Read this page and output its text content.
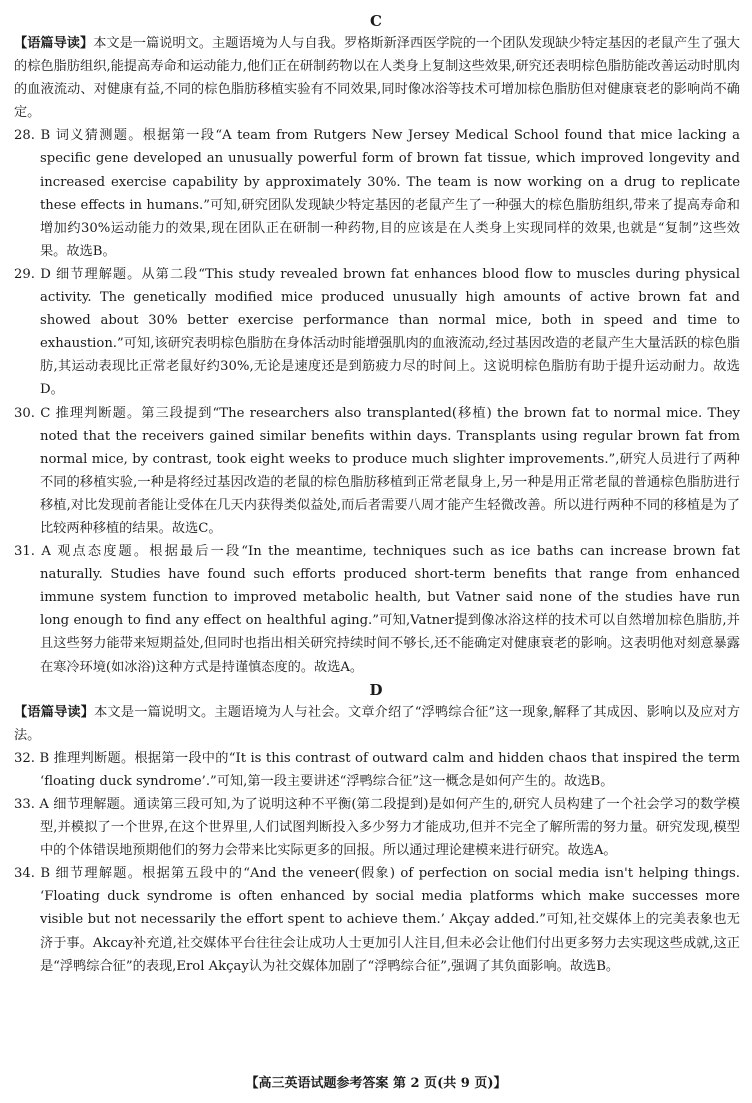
C
【语篇导读】本文是一篇说明文。主题语境为人与自我。罗格斯新泽西医学院的一个团队发现缺少特定基因的老鼠产生了强大的棕色脂肪组织,能提高寿命和运动能力,他们正在研制药物以在人类身上复制这些效果,研究还表明棕色脂肪能改善运动时肌肉的血液流动、对健康有益,不同的棕色脂肪移植实验有不同效果,同时像冰浴等技术可增加棕色脂肪但对健康衰老的影响尚不确定。
28. B 词义猜测题。根据第一段“A team from Rutgers New Jersey Medical School found that mice lacking a specific gene developed an unusually powerful form of brown fat tissue, which improved longevity and increased exercise capability by approximately 30%. The team is now working on a drug to replicate these effects in humans.”可知,研究团队发现缺少特定基因的老鼠产生了一种强大的棕色脂肪组织,带来了提高寿命和增加约30%运动能力的效果,现在团队正在研制一种药物,目的应该是在人类身上实现同样的效果,也就是“复制”这些效果。故选B。
29. D 细节理解题。从第二段“This study revealed brown fat enhances blood flow to muscles during physical activity. The genetically modified mice produced unusually high amounts of active brown fat and showed about 30% better exercise performance than normal mice, both in speed and time to exhaustion.”可知,该研究表明棕色脂肪在身体活动时能增强肌肉的血液流动,经过基因改造的老鼠产生大量活跃的棕色脂肪,其运动表现比正常老鼠好约30%,无论是速度还是到筋疲力尽的时间上。这说明棕色脂肪有助于提升运动耐力。故选D。
30. C 推理判断题。第三段提到“The researchers also transplanted(移植) the brown fat to normal mice. They noted that the receivers gained similar benefits within days. Transplants using regular brown fat from normal mice, by contrast, took eight weeks to produce much slighter improvements.”,研究人员进行了两种不同的移植实验,一种是将经过基因改造的老鼠的棕色脂肪移植到正常老鼠身上,另一种是用正常老鼠的普通棕色脂肪进行移植,对比发现前者能让受体在几天内获得类似益处,而后者需要八周才能产生轻微改善。所以进行两种不同的移植是为了比较两种移植的结果。故选C。
31. A 观点态度题。根据最后一段“In the meantime, techniques such as ice baths can increase brown fat naturally. Studies have found such efforts produced short-term benefits that range from enhanced immune system function to improved metabolic health, but Vatner said none of the studies have run long enough to find any effect on healthful aging.”可知,Vatner提到像冰浴这样的技术可以自然增加棕色脂肪,并且这些努力能带来短期益处,但同时也指出相关研究持续时间不够长,还不能确定对健康衰老的影响。这表明他对刻意暴露在寒冷环境(如冰浴)这种方式是持谨慎态度的。故选A。
D
【语篇导读】本文是一篇说明文。主题语境为人与社会。文章介绍了“浮鸭综合征”这一现象,解释了其成因、影响以及应对方法。
32. B 推理判断题。根据第一段中的“It is this contrast of outward calm and hidden chaos that inspired the term ‘floating duck syndrome’.”可知,第一段主要讲述“浮鸭综合征”这一概念是如何产生的。故选B。
33. A 细节理解题。通读第三段可知,为了说明这种不平衡(第二段提到)是如何产生的,研究人员构建了一个社会学习的数学模型,并模拟了一个世界,在这个世界里,人们试图判断投入多少努力才能成功,但并不完全了解所需的努力量。研究发现,模型中的个体错误地预期他们的努力会带来比实际更多的回报。所以通过理论建模来进行研究。故选A。
34. B 细节理解题。根据第五段中的“And the veneer(假象) of perfection on social media isn't helping things. ‘Floating duck syndrome is often enhanced by social media platforms which make successes more visible but not necessarily the effort spent to achieve them.’ Akçay added.”可知,社交媒体上的完美表象也无济于事。Akcay补充道,社交媒体平台往往会让成功人士更加引人注目,但未必会让他们付出更多努力去实现这些成就,这正是“浮鸭综合征”的表现,Erol Akçay认为社交媒体加剧了“浮鸭综合征”,强调了其负面影响。故选B。
【高三英语试题参考答案 第 2 页(共 9 页)】
